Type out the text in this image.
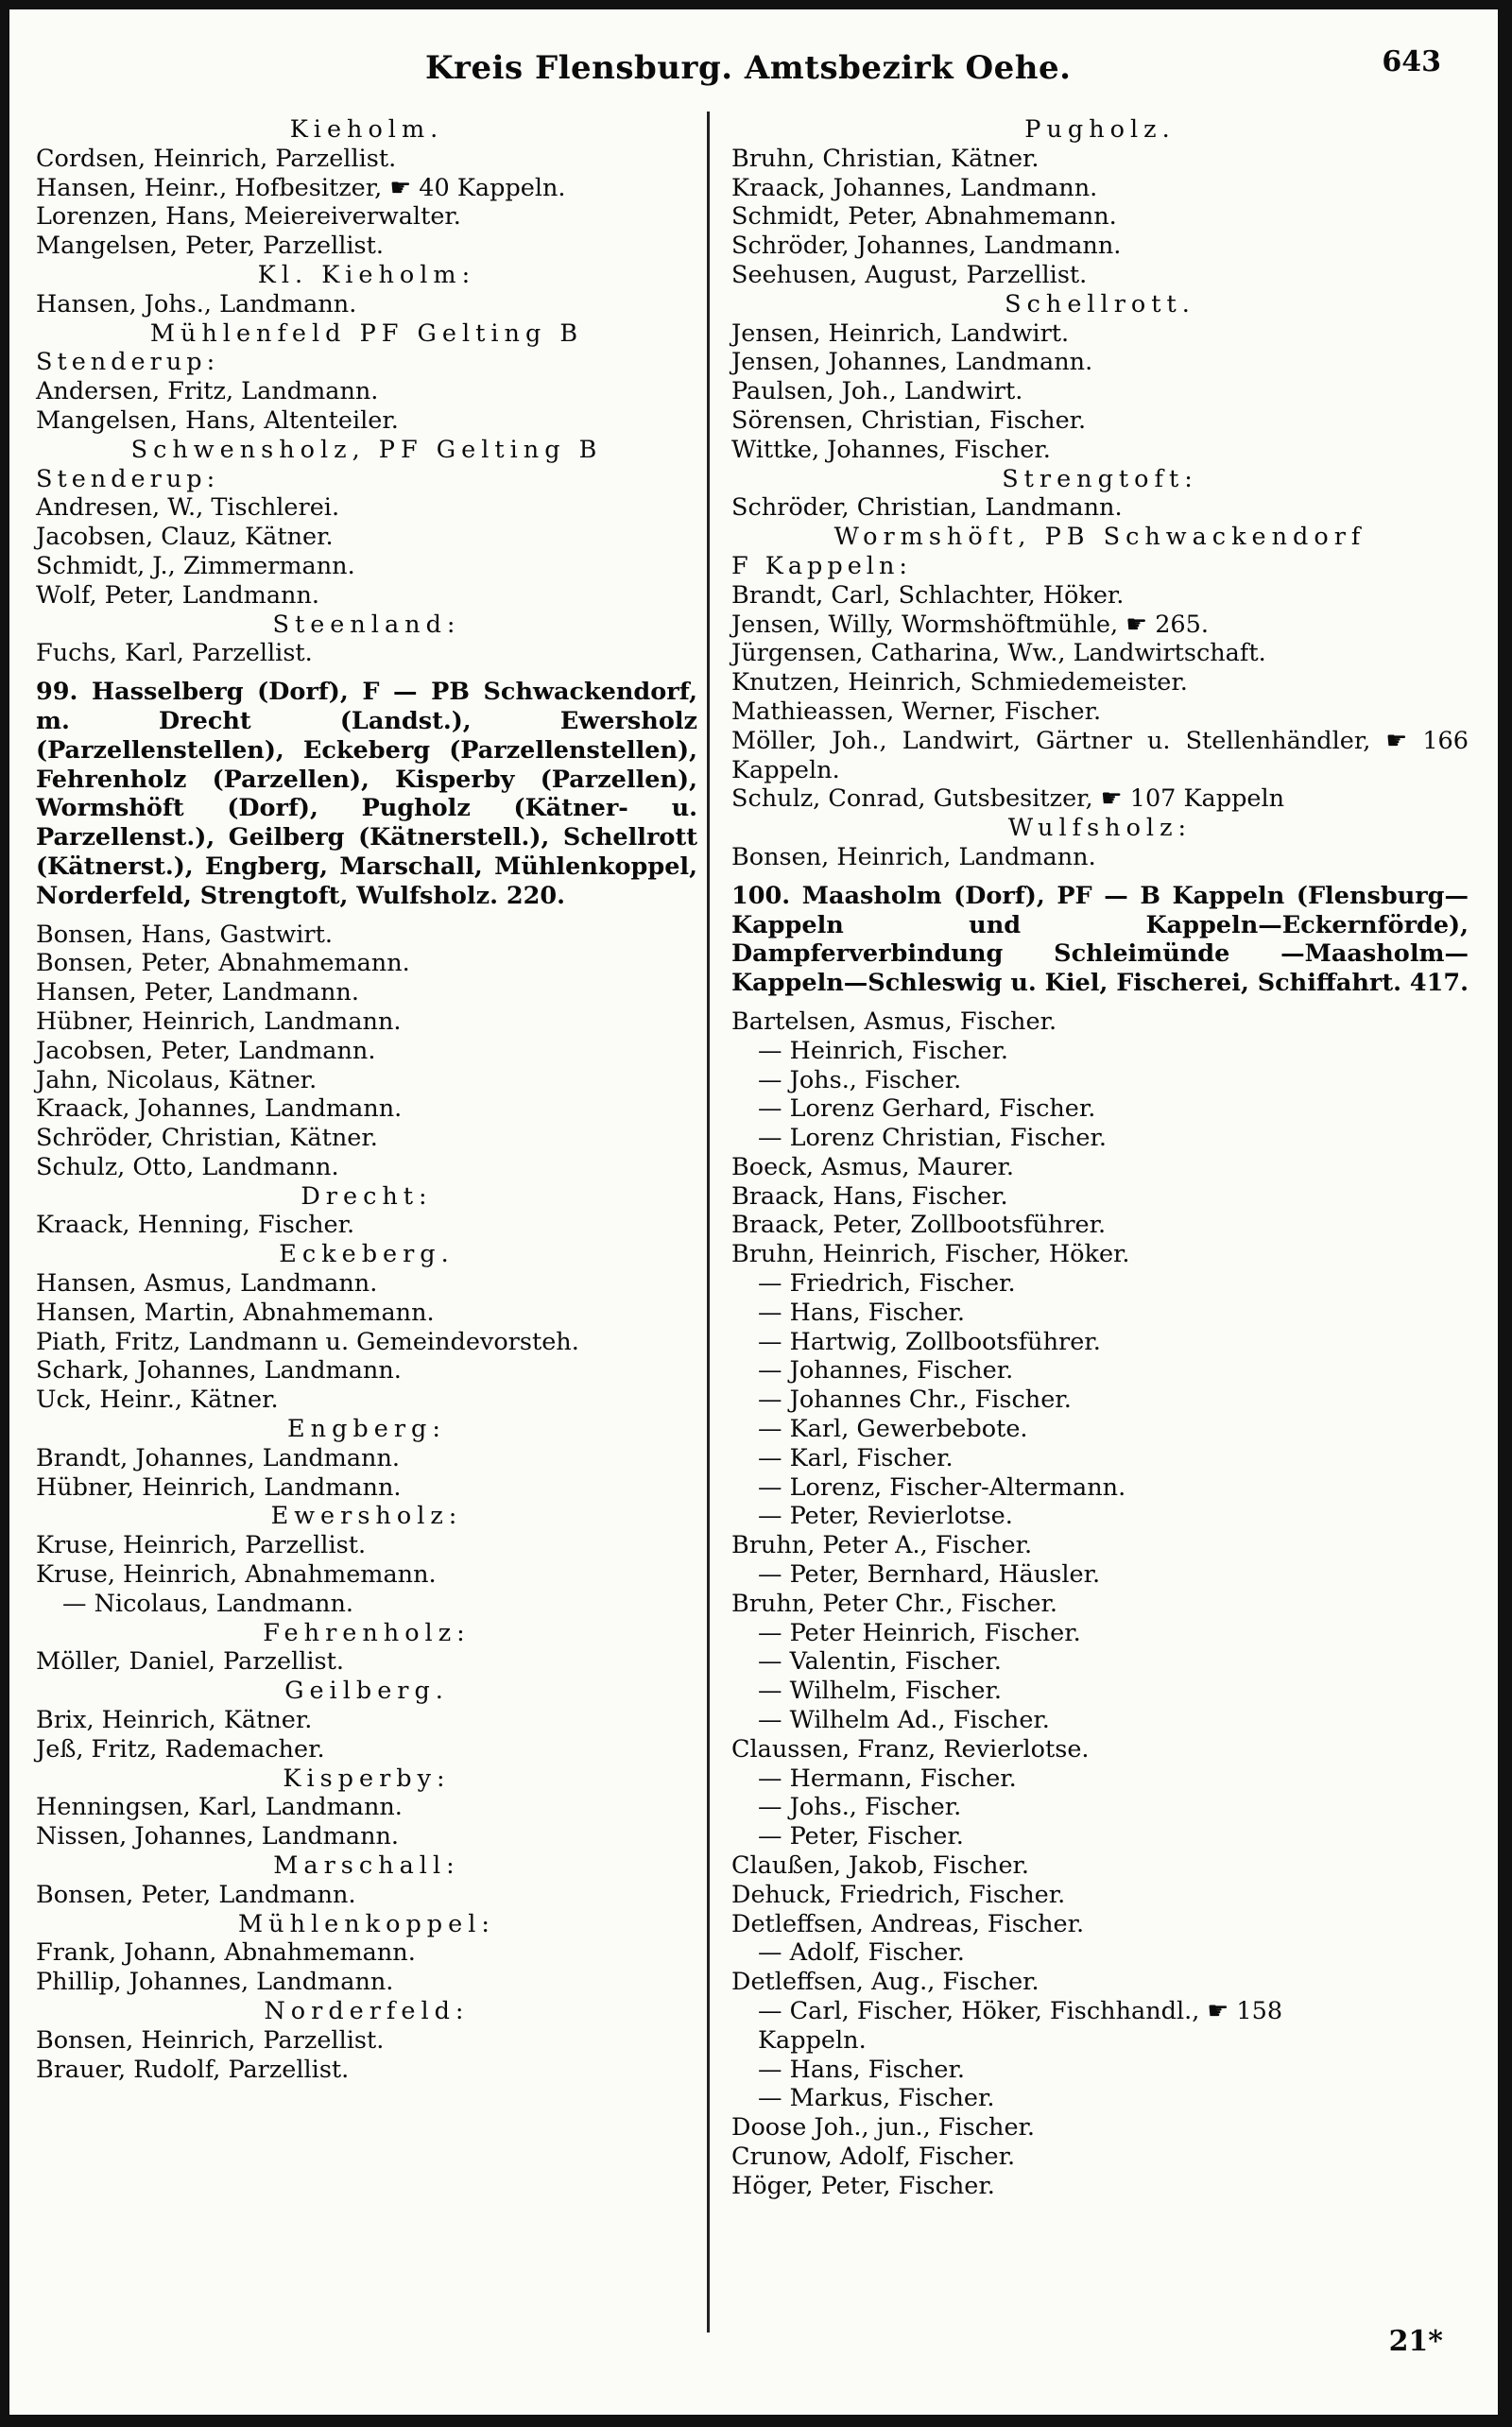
Kreis Flensburg. Amtsbezirk Oehe.	643
Kieholm.
Cordsen, Heinrich, Parzellist.
Hansen, Heinr., Hofbesitzer, ☛ 40 Kappeln.
Lorenzen, Hans, Meiereiverwalter.
Mangelsen, Peter, Parzellist.
Kl. Kieholm:
Hansen, Johs., Landmann.
Mühlenfeld PF Gelting B
Stenderup:
Andersen, Fritz, Landmann.
Mangelsen, Hans, Altenteiler.
Schwensholz, PF Gelting B
Stenderup:
Andresen, W., Tischlerei.
Jacobsen, Clauz, Kätner.
Schmidt, J., Zimmermann.
Wolf, Peter, Landmann.
Steenland:
Fuchs, Karl, Parzellist.
99. Hasselberg (Dorf), F — PB Schwackendorf, m. Drecht (Landst.), Ewersholz (Parzellenstellen), Eckeberg (Parzellenstellen), Fehrenholz (Parzellen), Kisperby (Parzellen), Wormshöft (Dorf), Pugholz (Kätner- u. Parzellenst.), Geilberg (Kätnerstell.), Schellrott (Kätnerst.), Engberg, Marschall, Mühlenkoppel, Norderfeld, Strengtoft, Wulfsholz. 220.
Bonsen, Hans, Gastwirt.
Bonsen, Peter, Abnahmemann.
Hansen, Peter, Landmann.
Hübner, Heinrich, Landmann.
Jacobsen, Peter, Landmann.
Jahn, Nicolaus, Kätner.
Kraack, Johannes, Landmann.
Schröder, Christian, Kätner.
Schulz, Otto, Landmann.
Drecht:
Kraack, Henning, Fischer.
Eckeberg.
Hansen, Asmus, Landmann.
Hansen, Martin, Abnahmemann.
Piath, Fritz, Landmann u. Gemeindevorsteh.
Schark, Johannes, Landmann.
Uck, Heinr., Kätner.
Engberg:
Brandt, Johannes, Landmann.
Hübner, Heinrich, Landmann.
Ewersholz:
Kruse, Heinrich, Parzellist.
Kruse, Heinrich, Abnahmemann.
— Nicolaus, Landmann.
Fehrenholz:
Möller, Daniel, Parzellist.
Geilberg.
Brix, Heinrich, Kätner.
Jeß, Fritz, Rademacher.
Kisperby:
Henningsen, Karl, Landmann.
Nissen, Johannes, Landmann.
Marschall:
Bonsen, Peter, Landmann.
Mühlenkoppel:
Frank, Johann, Abnahmemann.
Phillip, Johannes, Landmann.
Norderfeld:
Bonsen, Heinrich, Parzellist.
Brauer, Rudolf, Parzellist.
Pugholz.
Bruhn, Christian, Kätner.
Kraack, Johannes, Landmann.
Schmidt, Peter, Abnahmemann.
Schröder, Johannes, Landmann.
Seehusen, August, Parzellist.
Schellrott.
Jensen, Heinrich, Landwirt.
Jensen, Johannes, Landmann.
Paulsen, Joh., Landwirt.
Sörensen, Christian, Fischer.
Wittke, Johannes, Fischer.
Strengtoft:
Schröder, Christian, Landmann.
Wormshöft, PB Schwackendorf
F Kappeln:
Brandt, Carl, Schlachter, Höker.
Jensen, Willy, Wormshöftmühle, ☛ 265.
Jürgensen, Catharina, Ww., Landwirtschaft.
Knutzen, Heinrich, Schmiedemeister.
Mathieassen, Werner, Fischer.
Möller, Joh., Landwirt, Gärtner u. Stellenhändler, ☛ 166 Kappeln.
Schulz, Conrad, Gutsbesitzer, ☛ 107 Kappeln
Wulfsholz:
Bonsen, Heinrich, Landmann.
100. Maasholm (Dorf), PF — B Kappeln (Flensburg—Kappeln und Kappeln—Eckernförde), Dampferverbindung Schleimünde —Maasholm—Kappeln—Schleswig u. Kiel, Fischerei, Schiffahrt. 417.
Bartelsen, Asmus, Fischer.
— Heinrich, Fischer.
— Johs., Fischer.
— Lorenz Gerhard, Fischer.
— Lorenz Christian, Fischer.
Boeck, Asmus, Maurer.
Braack, Hans, Fischer.
Braack, Peter, Zollbootsführer.
Bruhn, Heinrich, Fischer, Höker.
— Friedrich, Fischer.
— Hans, Fischer.
— Hartwig, Zollbootsführer.
— Johannes, Fischer.
— Johannes Chr., Fischer.
— Karl, Gewerbebote.
— Karl, Fischer.
— Lorenz, Fischer-Altermann.
— Peter, Revierlotse.
Bruhn, Peter A., Fischer.
— Peter, Bernhard, Häusler.
Bruhn, Peter Chr., Fischer.
— Peter Heinrich, Fischer.
— Valentin, Fischer.
— Wilhelm, Fischer.
— Wilhelm Ad., Fischer.
Claussen, Franz, Revierlotse.
— Hermann, Fischer.
— Johs., Fischer.
— Peter, Fischer.
Claußen, Jakob, Fischer.
Dehuck, Friedrich, Fischer.
Detleffsen, Andreas, Fischer.
— Adolf, Fischer.
Detleffsen, Aug., Fischer.
— Carl, Fischer, Höker, Fischhandl., ☛ 158
Kappeln.
— Hans, Fischer.
— Markus, Fischer.
Doose Joh., jun., Fischer.
Crunow, Adolf, Fischer.
Höger, Peter, Fischer.
21*
